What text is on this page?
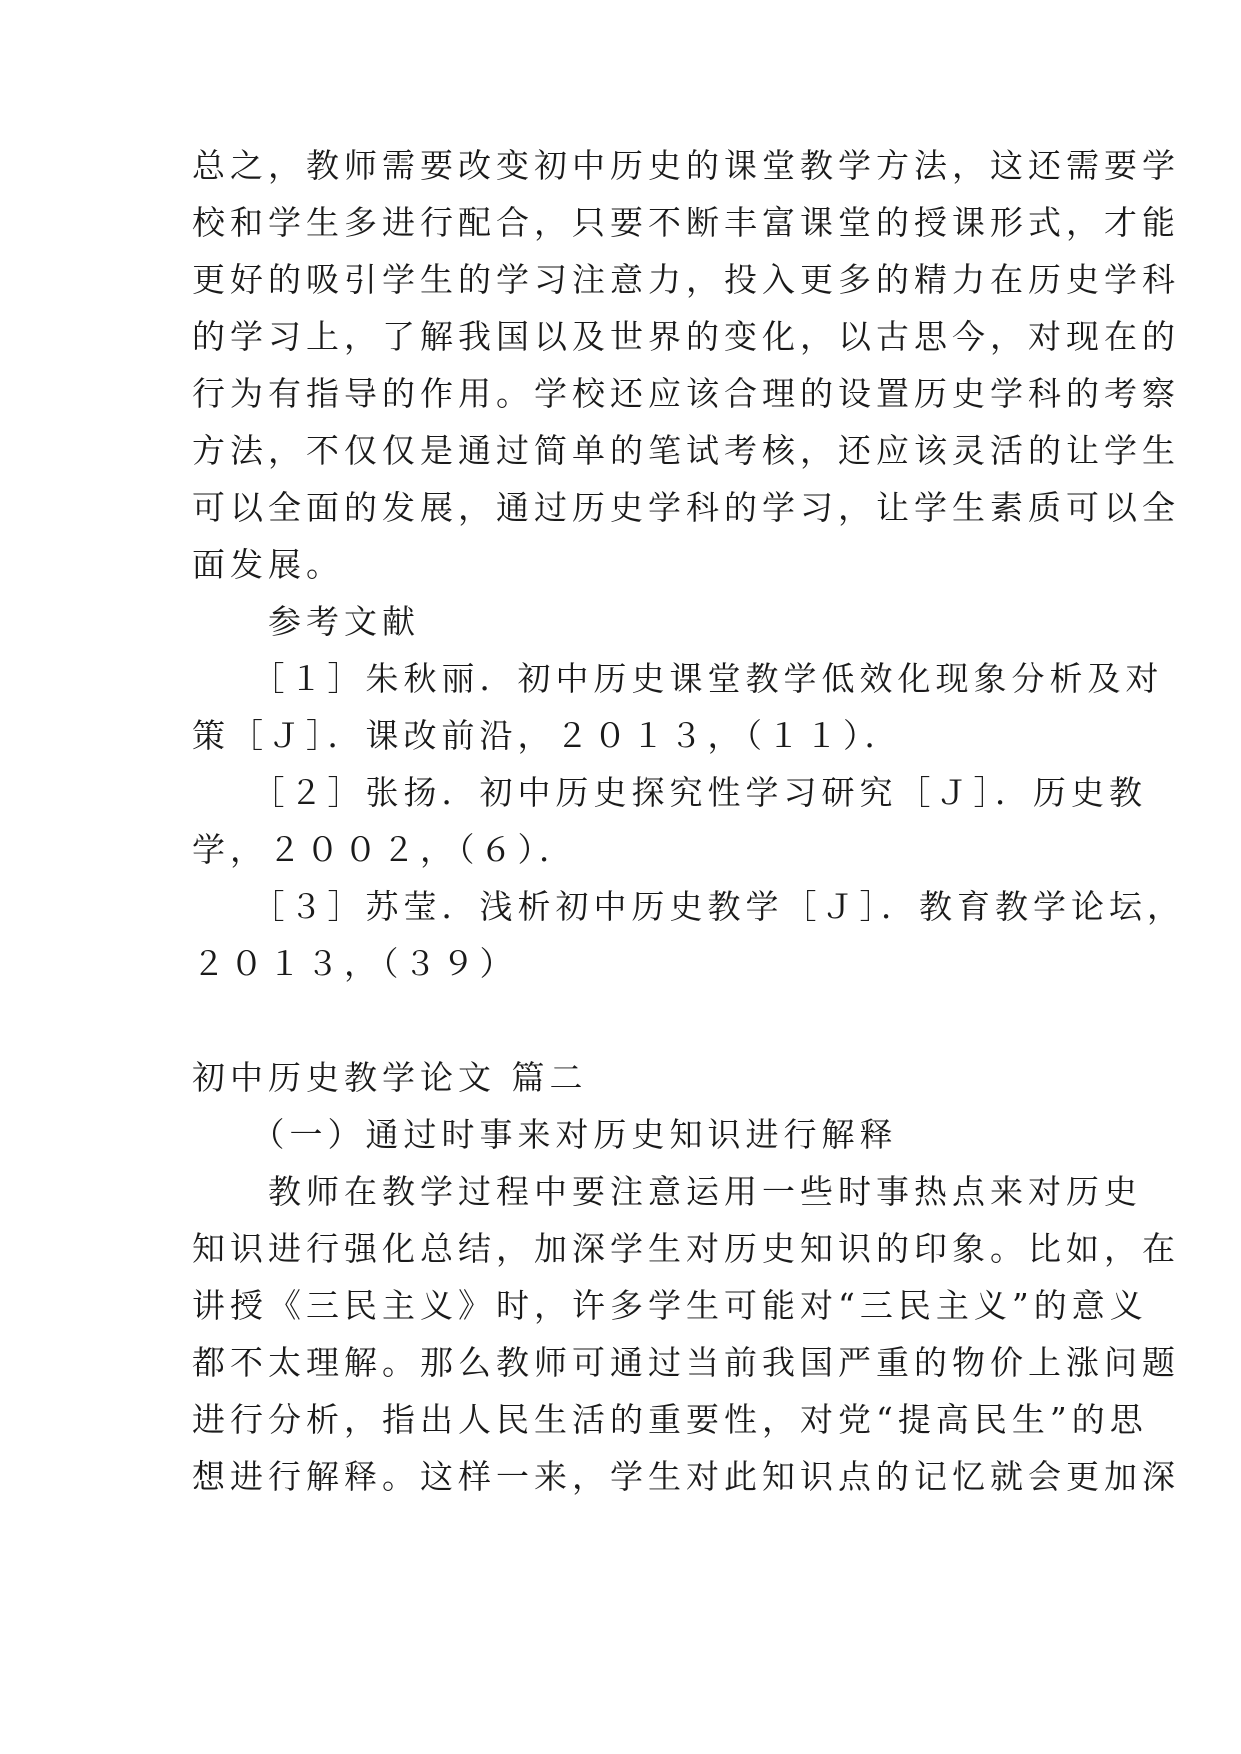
总之，教师需要改变初中历史的课堂教学方法，这还需要学
校和学生多进行配合，只要不断丰富课堂的授课形式，才能
更好的吸引学生的学习注意力，投入更多的精力在历史学科
的学习上，了解我国以及世界的变化，以古思今，对现在的
行为有指导的作用。学校还应该合理的设置历史学科的考察
方法，不仅仅是通过简单的笔试考核，还应该灵活的让学生
可以全面的发展，通过历史学科的学习，让学生素质可以全
面发展。
　　参考文献
　　［１］朱秋丽．初中历史课堂教学低效化现象分析及对
策［Ｊ］．课改前沿，２０１３，（１１）．
　　［２］张扬．初中历史探究性学习研究［Ｊ］．历史教
学，２００２，（６）．
　　［３］苏莹．浅析初中历史教学［Ｊ］．教育教学论坛，
２０１３，（３９）
初中历史教学论文 篇二
　　（一）通过时事来对历史知识进行解释
　　教师在教学过程中要注意运用一些时事热点来对历史
知识进行强化总结，加深学生对历史知识的印象。比如，在
讲授《三民主义》时，许多学生可能对“三民主义”的意义
都不太理解。那么教师可通过当前我国严重的物价上涨问题
进行分析，指出人民生活的重要性，对党“提高民生”的思
想进行解释。这样一来，学生对此知识点的记忆就会更加深
